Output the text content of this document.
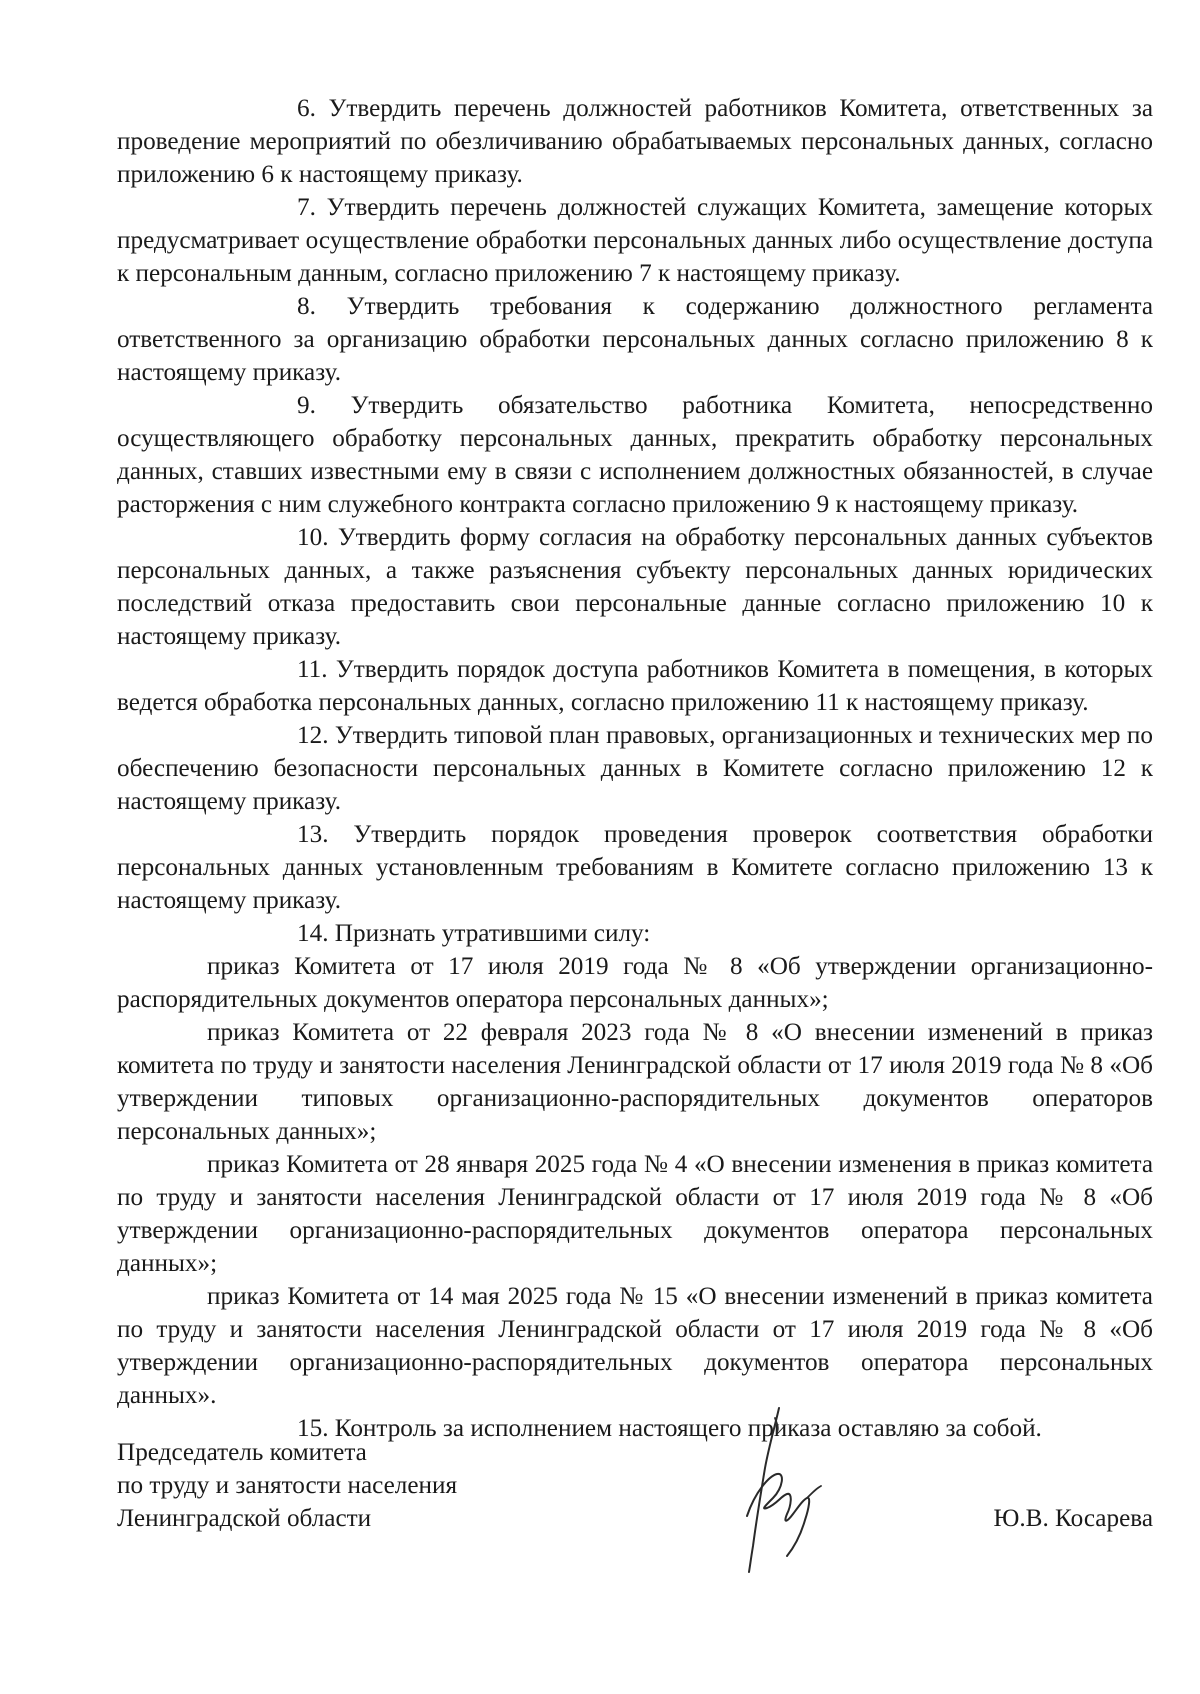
6. Утвердить перечень должностей работников Комитета, ответственных за проведение мероприятий по обезличиванию обрабатываемых персональных данных, согласно приложению 6 к настоящему приказу.

7. Утвердить перечень должностей служащих Комитета, замещение которых предусматривает осуществление обработки персональных данных либо осуществление доступа к персональным данным, согласно приложению 7 к настоящему приказу.

8. Утвердить требования к содержанию должностного регламента ответственного за организацию обработки персональных данных согласно приложению 8 к настоящему приказу.

9. Утвердить обязательство работника Комитета, непосредственно осуществляющего обработку персональных данных, прекратить обработку персональных данных, ставших известными ему в связи с исполнением должностных обязанностей, в случае расторжения с ним служебного контракта согласно приложению 9 к настоящему приказу.

10. Утвердить форму согласия на обработку персональных данных субъектов персональных данных, а также разъяснения субъекту персональных данных юридических последствий отказа предоставить свои персональные данные согласно приложению 10 к настоящему приказу.

11. Утвердить порядок доступа работников Комитета в помещения, в которых ведется обработка персональных данных, согласно приложению 11 к настоящему приказу.

12. Утвердить типовой план правовых, организационных и технических мер по обеспечению безопасности персональных данных в Комитете согласно приложению 12 к настоящему приказу.

13. Утвердить порядок проведения проверок соответствия обработки персональных данных установленным требованиям в Комитете согласно приложению 13 к настоящему приказу.

14. Признать утратившими силу:

приказ Комитета от 17 июля 2019 года № 8 «Об утверждении организационно-распорядительных документов оператора персональных данных»;

приказ Комитета от 22 февраля 2023 года № 8 «О внесении изменений в приказ комитета по труду и занятости населения Ленинградской области от 17 июля 2019 года № 8 «Об утверждении типовых организационно-распорядительных документов операторов персональных данных»;

приказ Комитета от 28 января 2025 года № 4 «О внесении изменения в приказ комитета по труду и занятости населения Ленинградской области от 17 июля 2019 года № 8 «Об утверждении организационно-распорядительных документов оператора персональных данных»;

приказ Комитета от 14 мая 2025 года № 15 «О внесении изменений в приказ комитета по труду и занятости населения Ленинградской области от 17 июля 2019 года № 8 «Об утверждении организационно-распорядительных документов оператора персональных данных».

15. Контроль за исполнением настоящего приказа оставляю за собой.

Председатель комитета
по труду и занятости населения
Ленинградской области	Ю.В. Косарева
